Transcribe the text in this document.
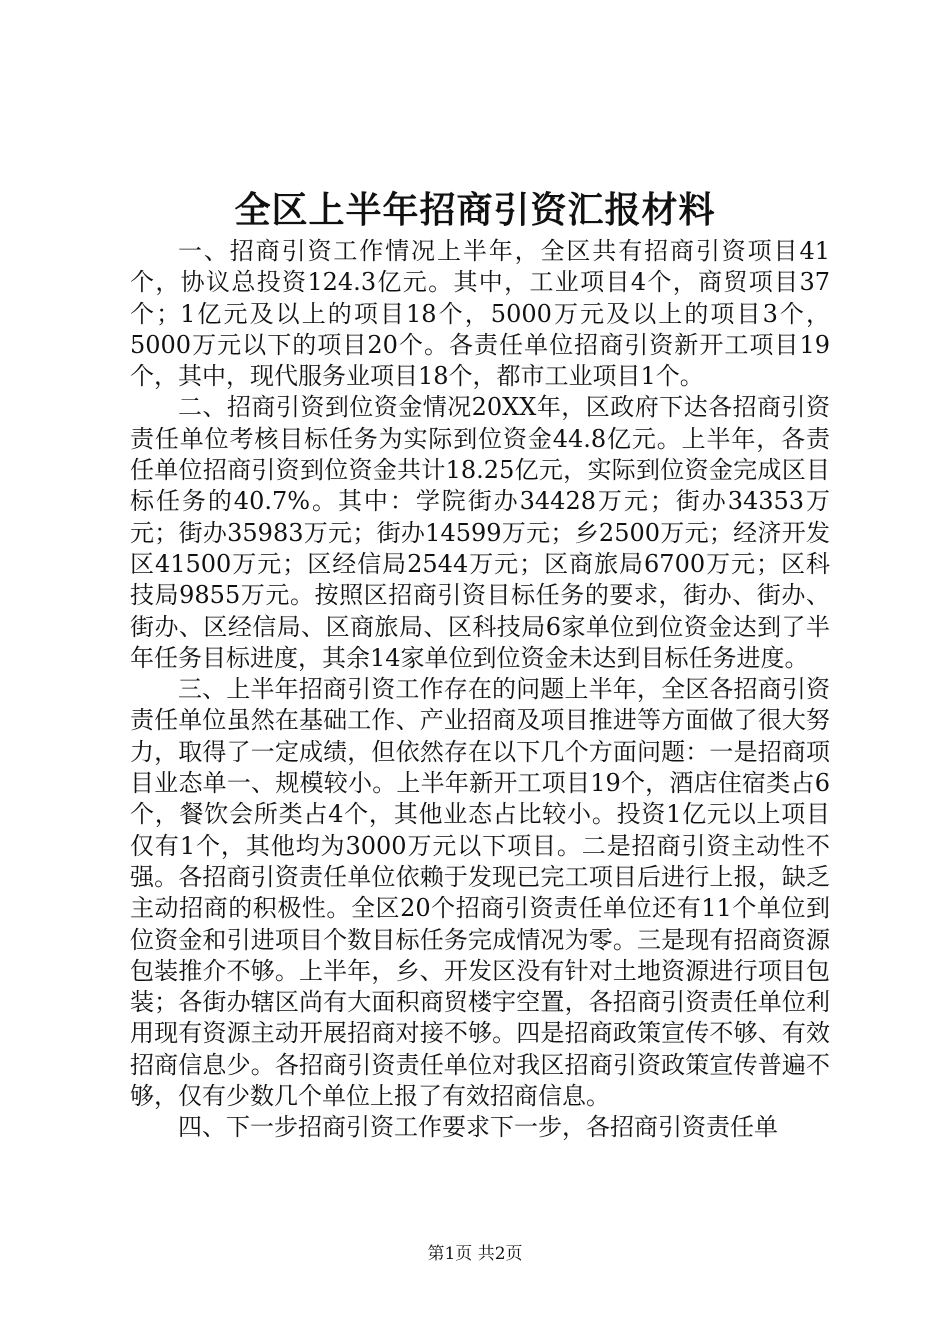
全区上半年招商引资汇报材料

一、招商引资工作情况上半年，全区共有招商引资项目41个，协议总投资124.3亿元。其中，工业项目4个，商贸项目37个；1亿元及以上的项目18个，5000万元及以上的项目3个，5000万元以下的项目20个。各责任单位招商引资新开工项目19个，其中，现代服务业项目18个，都市工业项目1个。

二、招商引资到位资金情况20XX年，区政府下达各招商引资责任单位考核目标任务为实际到位资金44.8亿元。上半年，各责任单位招商引资到位资金共计18.25亿元，实际到位资金完成区目标任务的40.7%。其中：学院街办34428万元；街办34353万元；街办35983万元；街办14599万元；乡2500万元；经济开发区41500万元；区经信局2544万元；区商旅局6700万元；区科技局9855万元。按照区招商引资目标任务的要求，街办、街办、街办、区经信局、区商旅局、区科技局6家单位到位资金达到了半年任务目标进度，其余14家单位到位资金未达到目标任务进度。

三、上半年招商引资工作存在的问题上半年，全区各招商引资责任单位虽然在基础工作、产业招商及项目推进等方面做了很大努力，取得了一定成绩，但依然存在以下几个方面问题：一是招商项目业态单一、规模较小。上半年新开工项目19个，酒店住宿类占6个，餐饮会所类占4个，其他业态占比较小。投资1亿元以上项目仅有1个，其他均为3000万元以下项目。二是招商引资主动性不强。各招商引资责任单位依赖于发现已完工项目后进行上报，缺乏主动招商的积极性。全区20个招商引资责任单位还有11个单位到位资金和引进项目个数目标任务完成情况为零。三是现有招商资源包装推介不够。上半年，乡、开发区没有针对土地资源进行项目包装；各街办辖区尚有大面积商贸楼宇空置，各招商引资责任单位利用现有资源主动开展招商对接不够。四是招商政策宣传不够、有效招商信息少。各招商引资责任单位对我区招商引资政策宣传普遍不够，仅有少数几个单位上报了有效招商信息。

四、下一步招商引资工作要求下一步，各招商引资责任单

第1页 共2页
